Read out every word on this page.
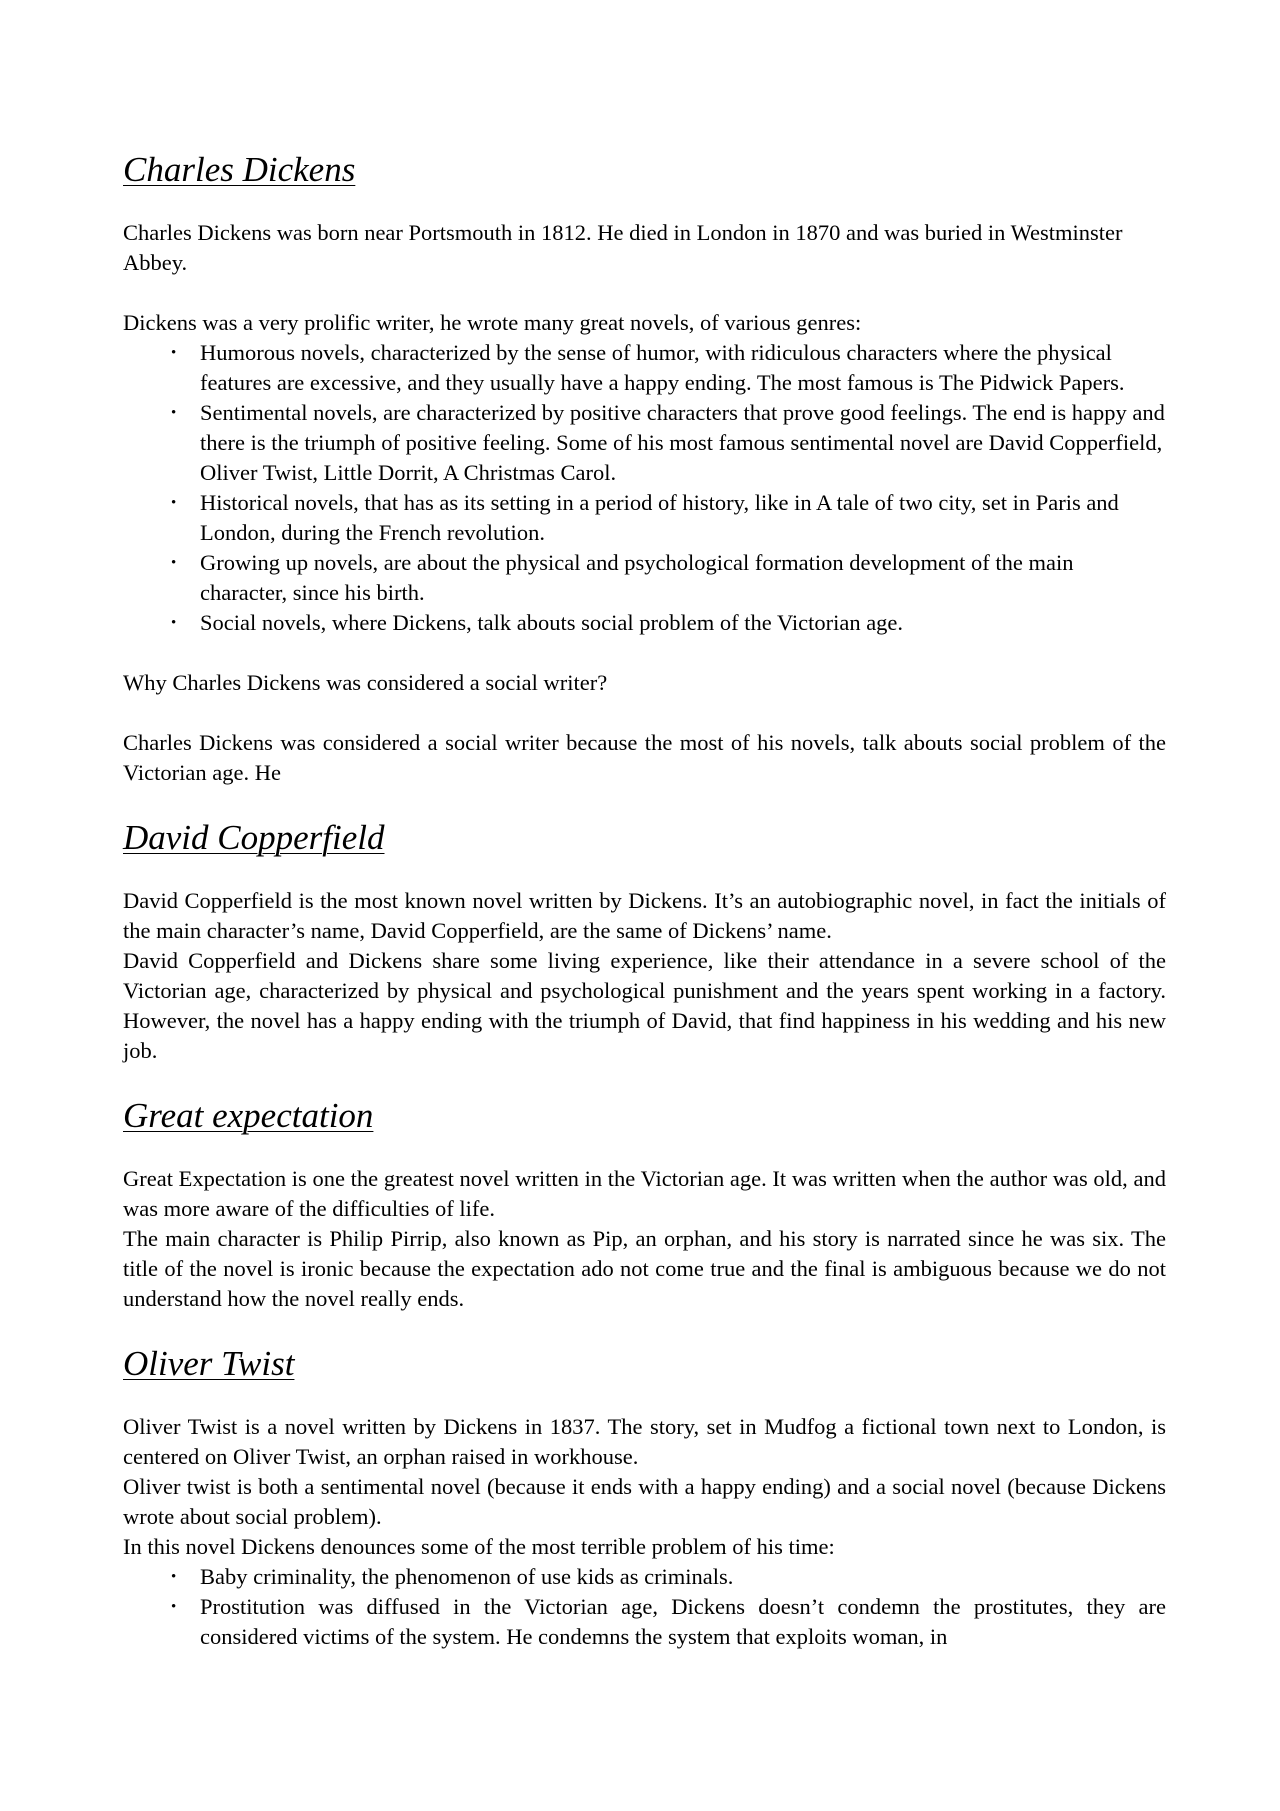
Charles Dickens

Charles Dickens was born near Portsmouth in 1812. He died in London in 1870 and was buried in Westminster Abbey.

Dickens was a very prolific writer, he wrote many great novels, of various genres:

• Humorous novels, characterized by the sense of humor, with ridiculous characters where the physical features are excessive, and they usually have a happy ending. The most famous is The Pidwick Papers.
• Sentimental novels, are characterized by positive characters that prove good feelings. The end is happy and there is the triumph of positive feeling. Some of his most famous sentimental novel are David Copperfield, Oliver Twist, Little Dorrit, A Christmas Carol.
• Historical novels, that has as its setting in a period of history, like in A tale of two city, set in Paris and London, during the French revolution.
• Growing up novels, are about the physical and psychological formation development of the main character, since his birth.
• Social novels, where Dickens, talk abouts social problem of the Victorian age.

Why Charles Dickens was considered a social writer?

Charles Dickens was considered a social writer because the most of his novels, talk abouts social problem of the Victorian age. He

David Copperfield

David Copperfield is the most known novel written by Dickens. It’s an autobiographic novel, in fact the initials of the main character’s name, David Copperfield, are the same of Dickens’ name.

David Copperfield and Dickens share some living experience, like their attendance in a severe school of the Victorian age, characterized by physical and psychological punishment and the years spent working in a factory. However, the novel has a happy ending with the triumph of David, that find happiness in his wedding and his new job.

Great expectation

Great Expectation is one the greatest novel written in the Victorian age. It was written when the author was old, and was more aware of the difficulties of life.

The main character is Philip Pirrip, also known as Pip, an orphan, and his story is narrated since he was six. The title of the novel is ironic because the expectation ado not come true and the final is ambiguous because we do not understand how the novel really ends.

Oliver Twist

Oliver Twist is a novel written by Dickens in 1837. The story, set in Mudfog a fictional town next to London, is centered on Oliver Twist, an orphan raised in workhouse.

Oliver twist is both a sentimental novel (because it ends with a happy ending) and a social novel (because Dickens wrote about social problem).

In this novel Dickens denounces some of the most terrible problem of his time:

• Baby criminality, the phenomenon of use kids as criminals.
• Prostitution was diffused in the Victorian age, Dickens doesn’t condemn the prostitutes, they are considered victims of the system. He condemns the system that exploits woman, in
